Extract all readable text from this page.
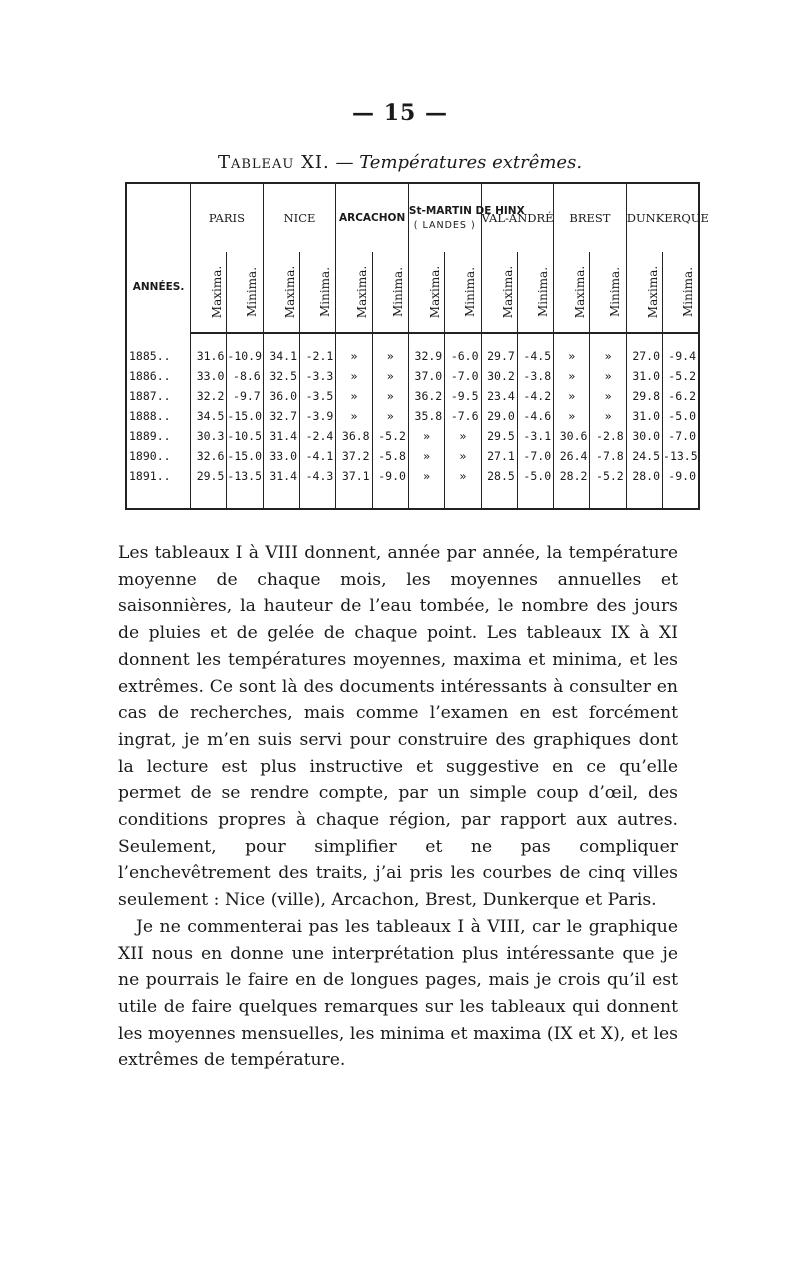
— 15 —
Tableau XI. — Températures extrêmes.
ANNÉES.	PARIS		NICE		ARCACHON		St-MARTIN DE HINX
( LANDES )		VAL-ANDRÉ		BREST		DUNKERQUE	
	Maxima.	Minima.	Maxima.	Minima.	Maxima.	Minima.	Maxima.	Minima.	Maxima.	Minima.	Maxima.	Minima.	Maxima.	Minima.

1885..	31.6	-10.9	34.1	-2.1	»	»	32.9	-6.0	29.7	-4.5	»	»	27.0	-9.4
1886..	33.0	-8.6	32.5	-3.3	»	»	37.0	-7.0	30.2	-3.8	»	»	31.0	-5.2
1887..	32.2	-9.7	36.0	-3.5	»	»	36.2	-9.5	23.4	-4.2	»	»	29.8	-6.2
1888..	34.5	-15.0	32.7	-3.9	»	»	35.8	-7.6	29.0	-4.6	»	»	31.0	-5.0
1889..	30.3	-10.5	31.4	-2.4	36.8	-5.2	»	»	29.5	-3.1	30.6	-2.8	30.0	-7.0
1890..	32.6	-15.0	33.0	-4.1	37.2	-5.8	»	»	27.1	-7.0	26.4	-7.8	24.5	-13.5
1891..	29.5	-13.5	31.4	-4.3	37.1	-9.0	»	»	28.5	-5.0	28.2	-5.2	28.0	-9.0

Les tableaux I à VIII donnent, année par année, la température moyenne de chaque mois, les moyennes annuelles et saisonnières, la hauteur de l’eau tombée, le nombre des jours de pluies et de gelée de chaque point. Les tableaux IX à XI donnent les températures moyennes, maxima et minima, et les extrêmes. Ce sont là des documents intéressants à consulter en cas de recherches, mais comme l’examen en est forcément ingrat, je m’en suis servi pour construire des graphiques dont la lecture est plus instructive et suggestive en ce qu’elle permet de se rendre compte, par un simple coup d’œil, des conditions propres à chaque région, par rapport aux autres. Seulement, pour simplifier et ne pas compliquer l’enchevêtrement des traits, j’ai pris les courbes de cinq villes seulement : Nice (ville), Arcachon, Brest, Dunkerque et Paris.

Je ne commenterai pas les tableaux I à VIII, car le graphique XII nous en donne une interprétation plus intéressante que je ne pourrais le faire en de longues pages, mais je crois qu’il est utile de faire quelques remarques sur les tableaux qui donnent les moyennes mensuelles, les minima et maxima (IX et X), et les extrêmes de température.
